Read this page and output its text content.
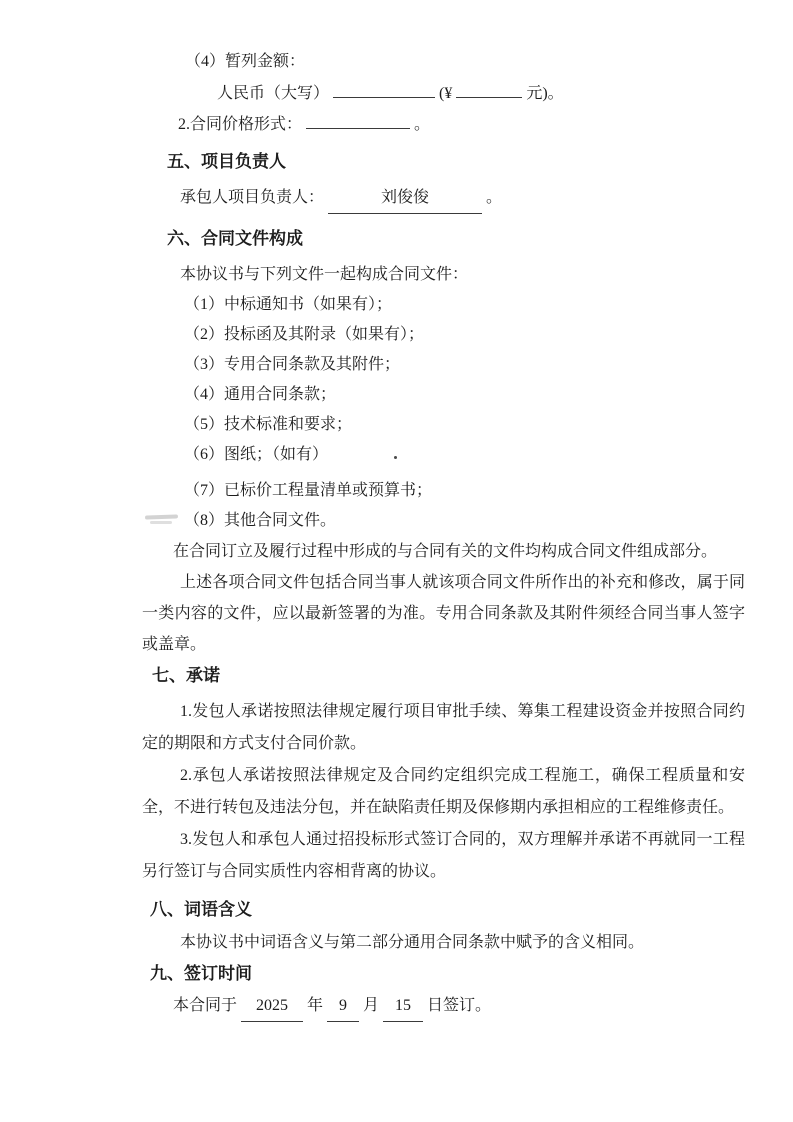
（4）暂列金额：
人民币（大写）	(¥	元)。
2.合同价格形式：	。
五、项目负责人
承包人项目负责人：	刘俊俊	。
六、合同文件构成
本协议书与下列文件一起构成合同文件：
（1）中标通知书（如果有）；
（2）投标函及其附录（如果有）；
（3）专用合同条款及其附件；
（4）通用合同条款；
（5）技术标准和要求；
（6）图纸；（如有）
（7）已标价工程量清单或预算书；
（8）其他合同文件。
在合同订立及履行过程中形成的与合同有关的文件均构成合同文件组成部分。
上述各项合同文件包括合同当事人就该项合同文件所作出的补充和修改，属于同一类内容的文件，应以最新签署的为准。专用合同条款及其附件须经合同当事人签字或盖章。
七、承诺
1.发包人承诺按照法律规定履行项目审批手续、筹集工程建设资金并按照合同约定的期限和方式支付合同价款。
2.承包人承诺按照法律规定及合同约定组织完成工程施工，确保工程质量和安全，不进行转包及违法分包，并在缺陷责任期及保修期内承担相应的工程维修责任。
3.发包人和承包人通过招投标形式签订合同的，双方理解并承诺不再就同一工程另行签订与合同实质性内容相背离的协议。
八、词语含义
本协议书中词语含义与第二部分通用合同条款中赋予的含义相同。
九、签订时间
本合同于 2025 年 9 月 15 日签订。
